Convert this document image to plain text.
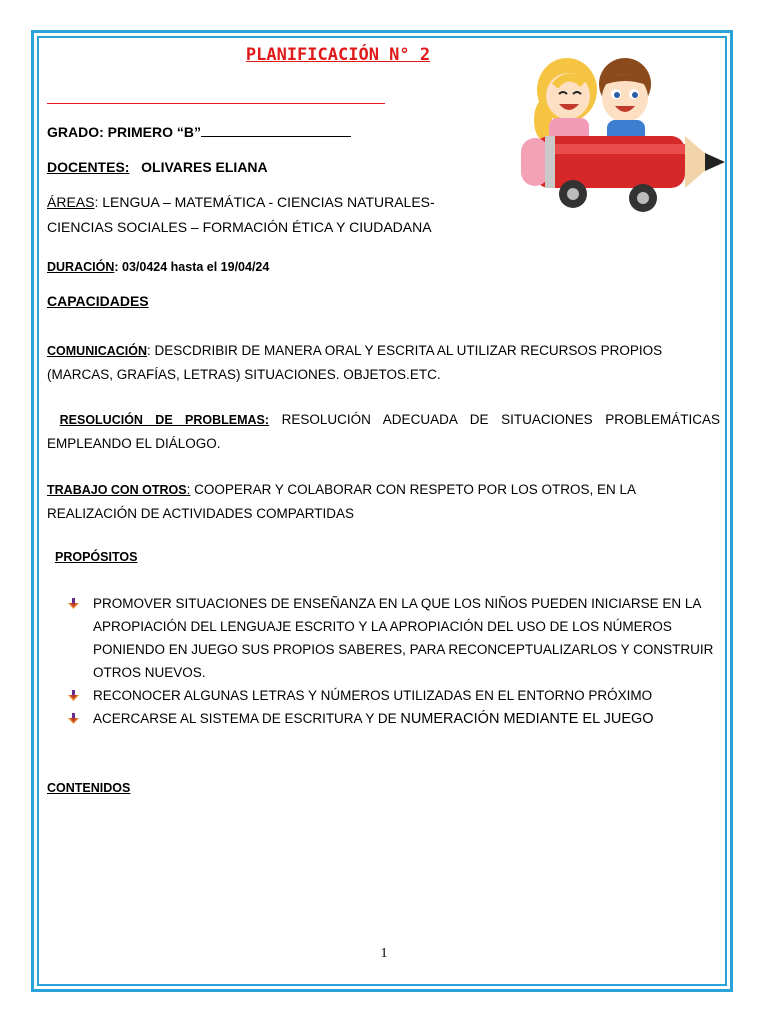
PLANIFICACIÓN N° 2
GRADO: PRIMERO “B”
DOCENTES: OLIVARES ELIANA
ÁREAS: LENGUA – MATEMÁTICA - CIENCIAS NATURALES-
CIENCIAS SOCIALES – FORMACIÓN ÉTICA Y CIUDADANA
DURACIÓN: 03/0424 hasta el 19/04/24
CAPACIDADES
COMUNICACIÓN: DESCDRIBIR DE MANERA ORAL Y ESCRITA AL UTILIZAR RECURSOS PROPIOS (MARCAS, GRAFÍAS, LETRAS) SITUACIONES. OBJETOS.ETC.
RESOLUCIÓN DE PROBLEMAS: RESOLUCIÓN ADECUADA DE SITUACIONES PROBLEMÁTICAS EMPLEANDO EL DIÁLOGO.
TRABAJO CON OTROS: COOPERAR Y COLABORAR CON RESPETO POR LOS OTROS, EN LA REALIZACIÓN DE ACTIVIDADES COMPARTIDAS
PROPÓSITOS
PROMOVER SITUACIONES DE ENSEÑANZA EN LA QUE LOS NIÑOS PUEDEN INICIARSE EN LA APROPIACIÓN DEL LENGUAJE ESCRITO Y LA APROPIACIÓN DEL USO DE LOS NÚMEROS PONIENDO EN JUEGO SUS PROPIOS SABERES, PARA RECONCEPTUALIZARLOS Y CONSTRUIR OTROS NUEVOS.
RECONOCER ALGUNAS LETRAS Y NÚMEROS UTILIZADAS EN EL ENTORNO PRÓXIMO
ACERCARSE AL SISTEMA DE ESCRITURA Y DE NUMERACIÓN MEDIANTE EL JUEGO
CONTENIDOS
1
